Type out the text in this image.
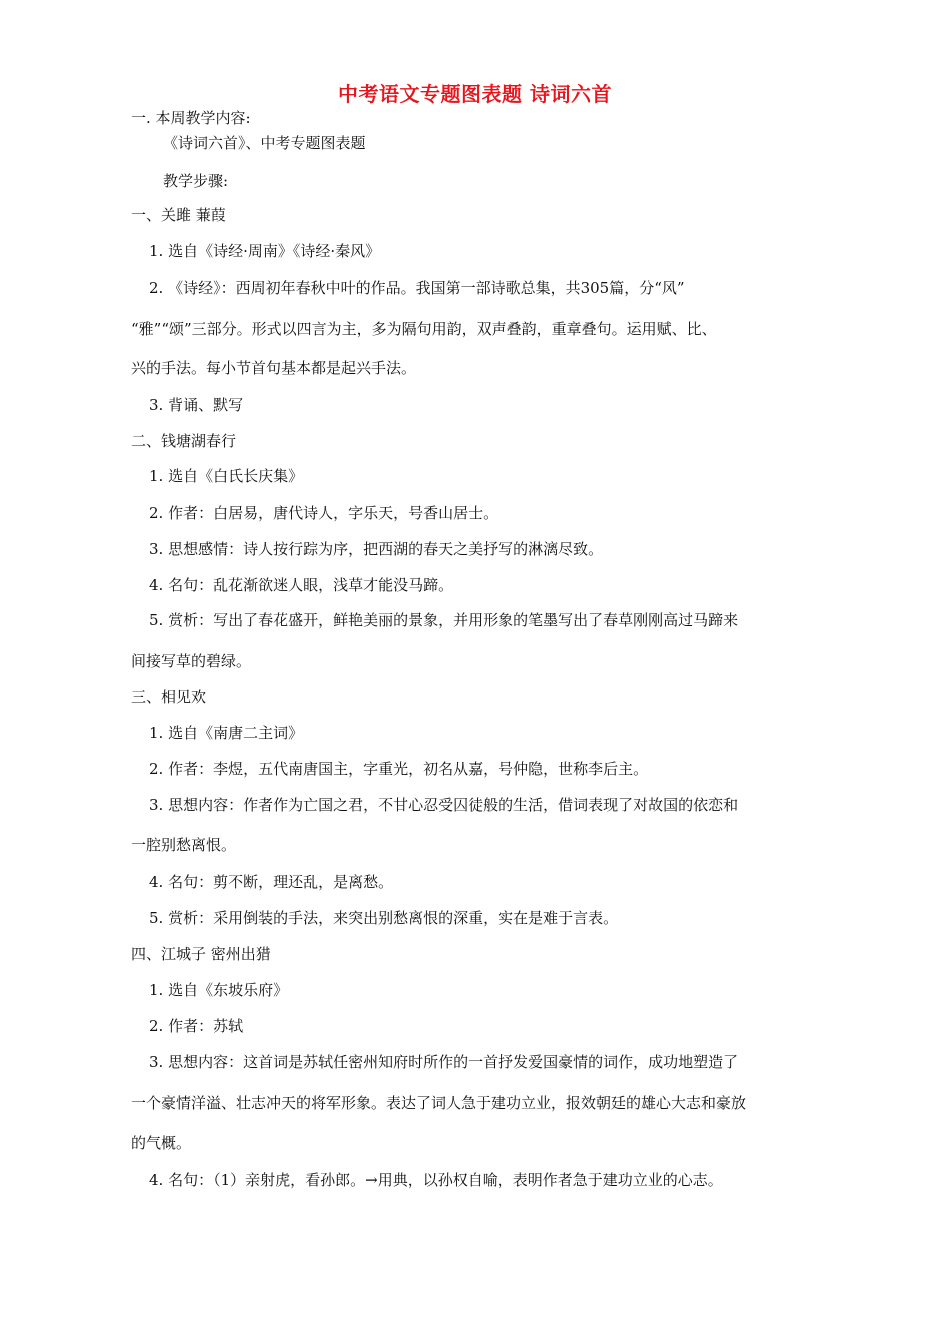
中考语文专题图表题 诗词六首
一. 本周教学内容:
《诗词六首》、中考专题图表题
教学步骤:
一、关雎 蒹葭
1. 选自《诗经·周南》《诗经·秦风》
2. 《诗经》：西周初年春秋中叶的作品。我国第一部诗歌总集，共305篇，分“风”
“雅”“颂”三部分。形式以四言为主，多为隔句用韵，双声叠韵，重章叠句。运用赋、比、
兴的手法。每小节首句基本都是起兴手法。
3. 背诵、默写
二、钱塘湖春行
1. 选自《白氏长庆集》
2. 作者：白居易，唐代诗人，字乐天，号香山居士。
3. 思想感情：诗人按行踪为序，把西湖的春天之美抒写的淋漓尽致。
4. 名句：乱花渐欲迷人眼，浅草才能没马蹄。
5. 赏析：写出了春花盛开，鲜艳美丽的景象，并用形象的笔墨写出了春草刚刚高过马蹄来
间接写草的碧绿。
三、相见欢
1. 选自《南唐二主词》
2. 作者：李煜，五代南唐国主，字重光，初名从嘉，号仲隐，世称李后主。
3. 思想内容：作者作为亡国之君，不甘心忍受囚徒般的生活，借词表现了对故国的依恋和
一腔别愁离恨。
4. 名句：剪不断，理还乱，是离愁。
5. 赏析：采用倒装的手法，来突出别愁离恨的深重，实在是难于言表。
四、江城子 密州出猎
1. 选自《东坡乐府》
2. 作者：苏轼
3. 思想内容：这首词是苏轼任密州知府时所作的一首抒发爱国豪情的词作，成功地塑造了
一个豪情洋溢、壮志冲天的将军形象。表达了词人急于建功立业，报效朝廷的雄心大志和豪放
的气概。
4. 名句：（1）亲射虎，看孙郎。→用典，以孙权自喻，表明作者急于建功立业的心志。
